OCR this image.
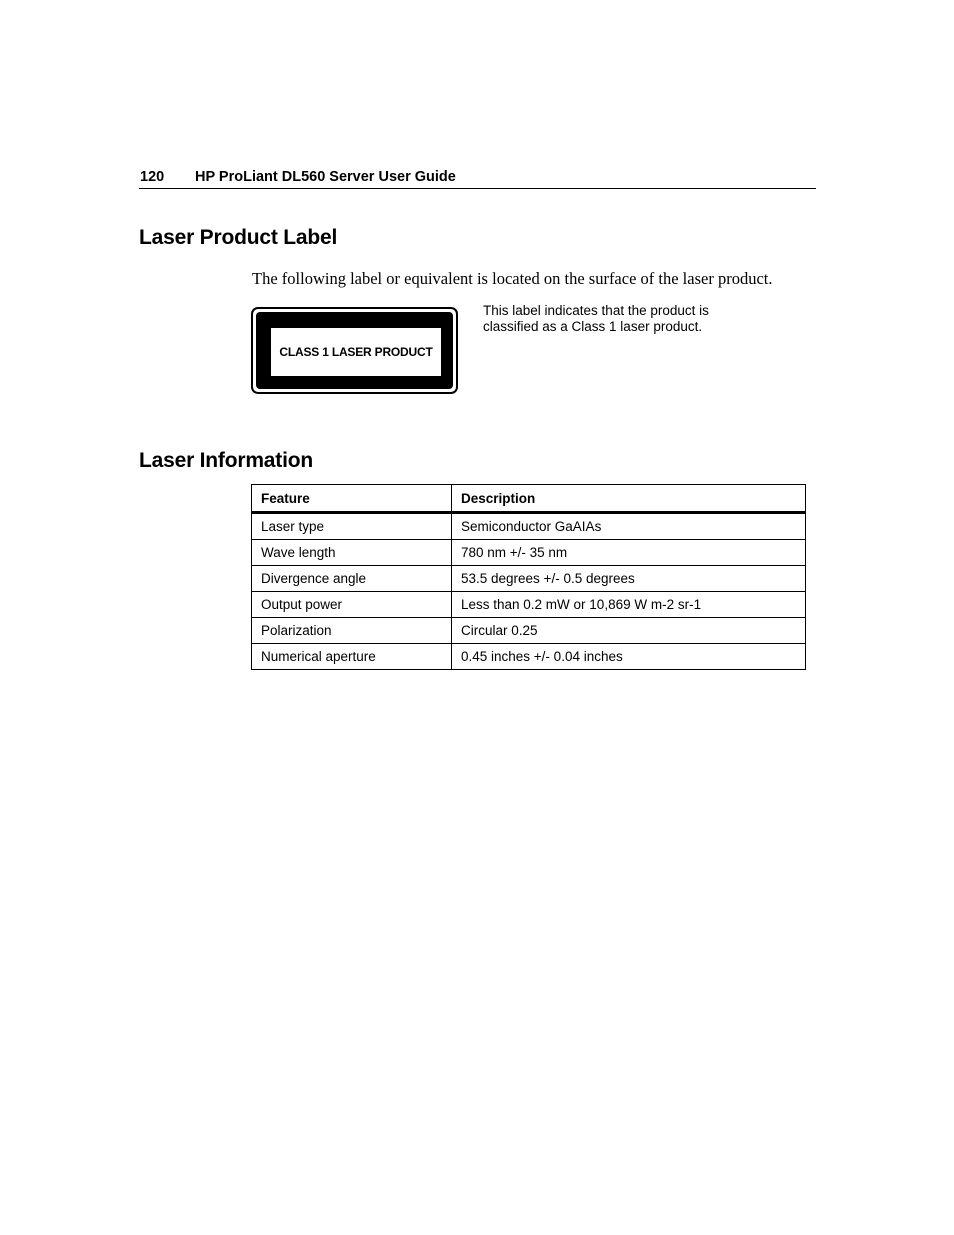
120 HP ProLiant DL560 Server User Guide
Laser Product Label
The following label or equivalent is located on the surface of the laser product.
CLASS 1 LASER PRODUCT
This label indicates that the product is classified as a Class 1 laser product.
Laser Information
Feature	Description
Laser type	Semiconductor GaAIAs
Wave length	780 nm +/- 35 nm
Divergence angle	53.5 degrees +/- 0.5 degrees
Output power	Less than 0.2 mW or 10,869 W m-2 sr-1
Polarization	Circular 0.25
Numerical aperture	0.45 inches +/- 0.04 inches
